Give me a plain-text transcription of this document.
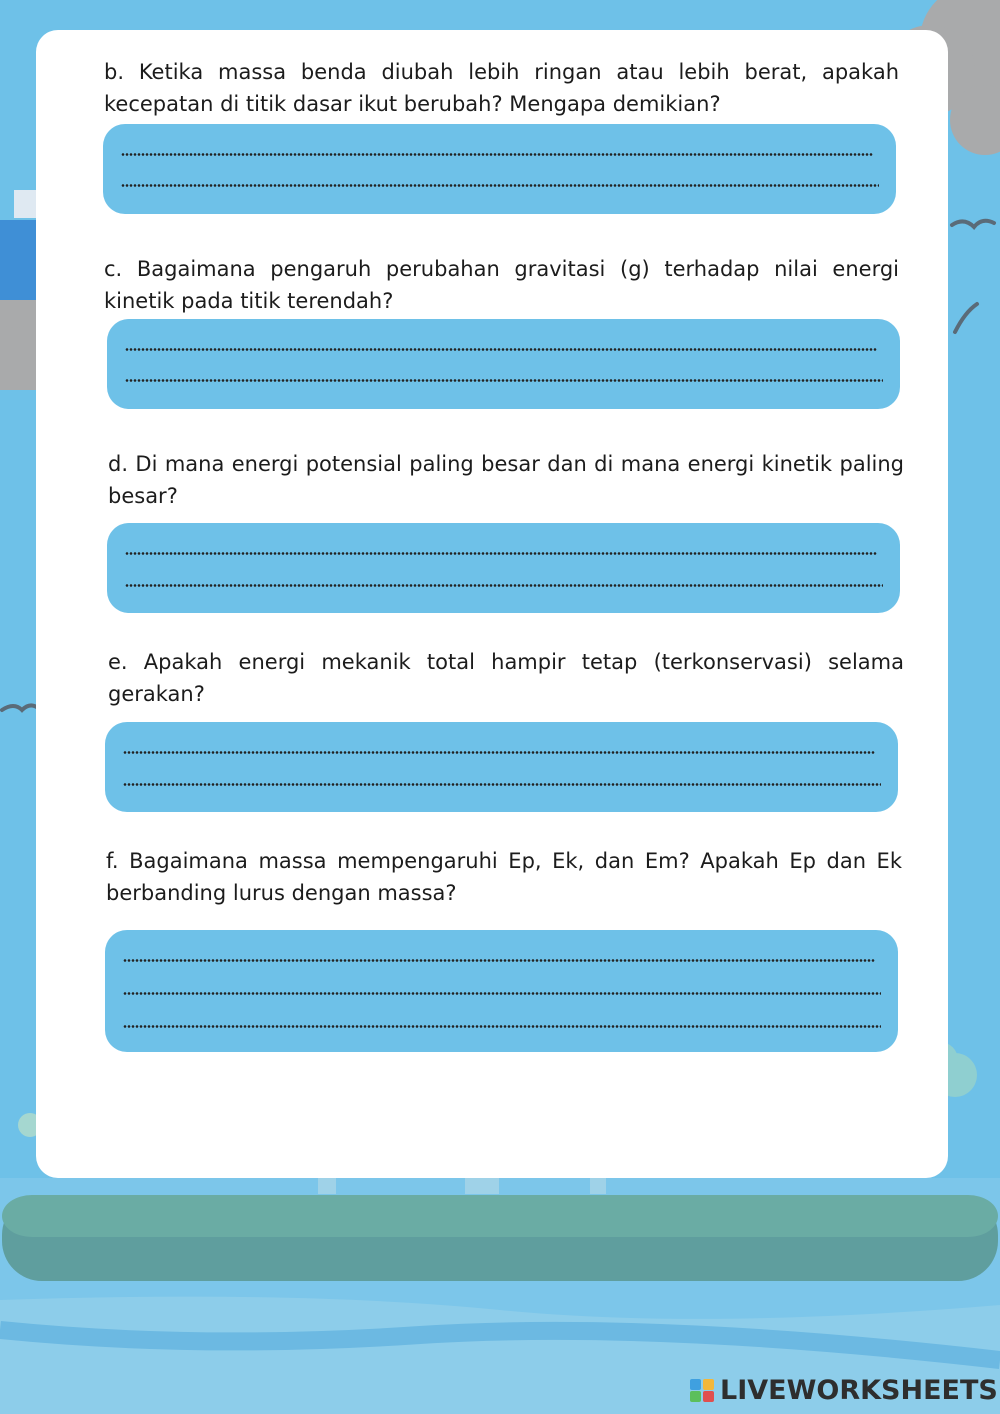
b. Ketika massa benda diubah lebih ringan atau lebih berat, apakah kecepatan di titik dasar ikut berubah? Mengapa demikian?
c. Bagaimana pengaruh perubahan gravitasi (g) terhadap nilai energi kinetik pada titik terendah?
d. Di mana energi potensial paling besar dan di mana energi kinetik paling besar?
e. Apakah energi mekanik total hampir tetap (terkonservasi) selama gerakan?
f. Bagaimana massa mempengaruhi Ep, Ek, dan Em? Apakah Ep dan Ek berbanding lurus dengan massa?
LIVEWORKSHEETS
